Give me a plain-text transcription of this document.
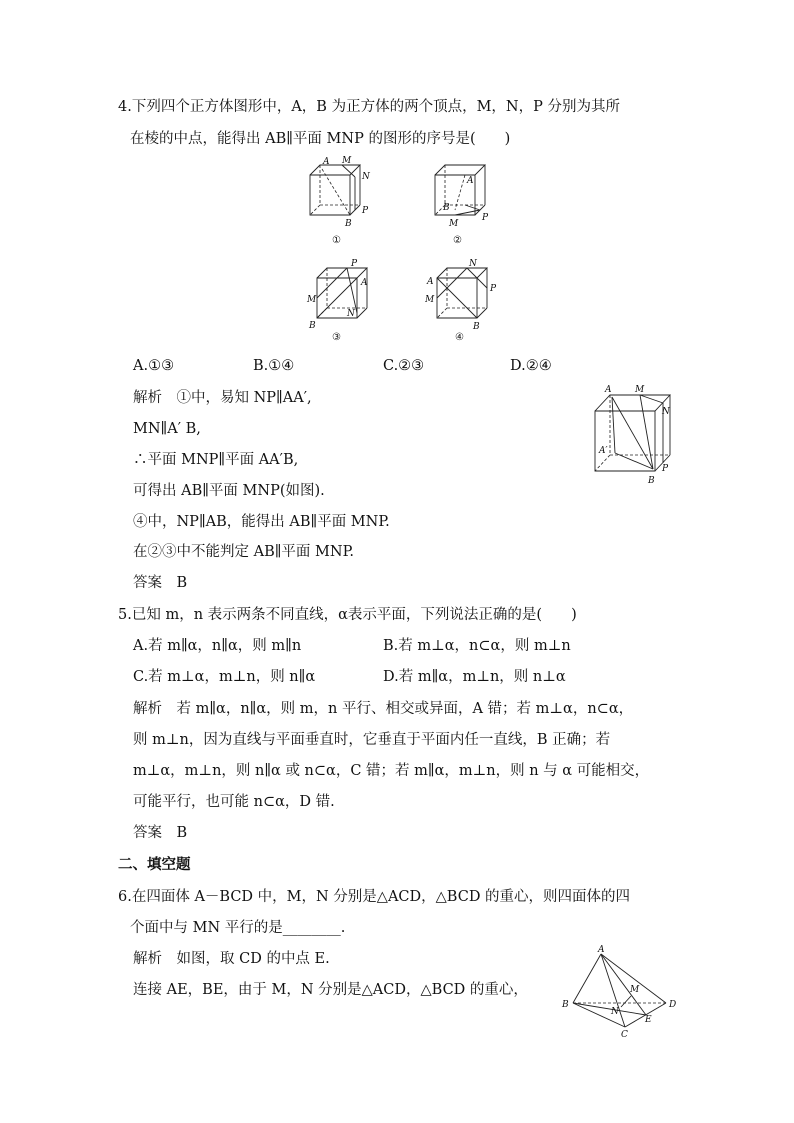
4.下列四个正方体图形中，A，B 为正方体的两个顶点，M，N，P 分别为其所
在棱的中点，能得出 AB∥平面 MNP 的图形的序号是(　　)
A M
N
P
B
①
A
B
M
P
②
P
A
M
N
B
③
N
A
M
P
B
④
A.①③	B.①④	C.②③	D.②④
解析　①中，易知 NP∥AA′,
MN∥A′ B,
∴平面 MNP∥平面 AA′B,
可得出 AB∥平面 MNP(如图).
④中，NP∥AB，能得出 AB∥平面 MNP.
在②③中不能判定 AB∥平面 MNP.
答案　B
A	M
N
A′
P
B
5.已知 m，n 表示两条不同直线，α表示平面，下列说法正确的是(　　)
A.若 m∥α，n∥α，则 m∥n	B.若 m⊥α，n⊂α，则 m⊥n
C.若 m⊥α，m⊥n，则 n∥α	D.若 m∥α，m⊥n，则 n⊥α
解析　若 m∥α，n∥α，则 m，n 平行、相交或异面，A 错；若 m⊥α，n⊂α，
则 m⊥n，因为直线与平面垂直时，它垂直于平面内任一直线，B 正确；若
m⊥α，m⊥n，则 n∥α 或 n⊂α，C 错；若 m∥α，m⊥n，则 n 与 α 可能相交，
可能平行，也可能 n⊂α，D 错.
答案　B
二、填空题
6.在四面体 A－BCD 中，M，N 分别是△ACD，△BCD 的重心，则四面体的四
个面中与 MN 平行的是________.
解析　如图，取 CD 的中点 E.
连接 AE，BE，由于 M，N 分别是△ACD，△BCD 的重心，
A
B
M
D
N
E
C
